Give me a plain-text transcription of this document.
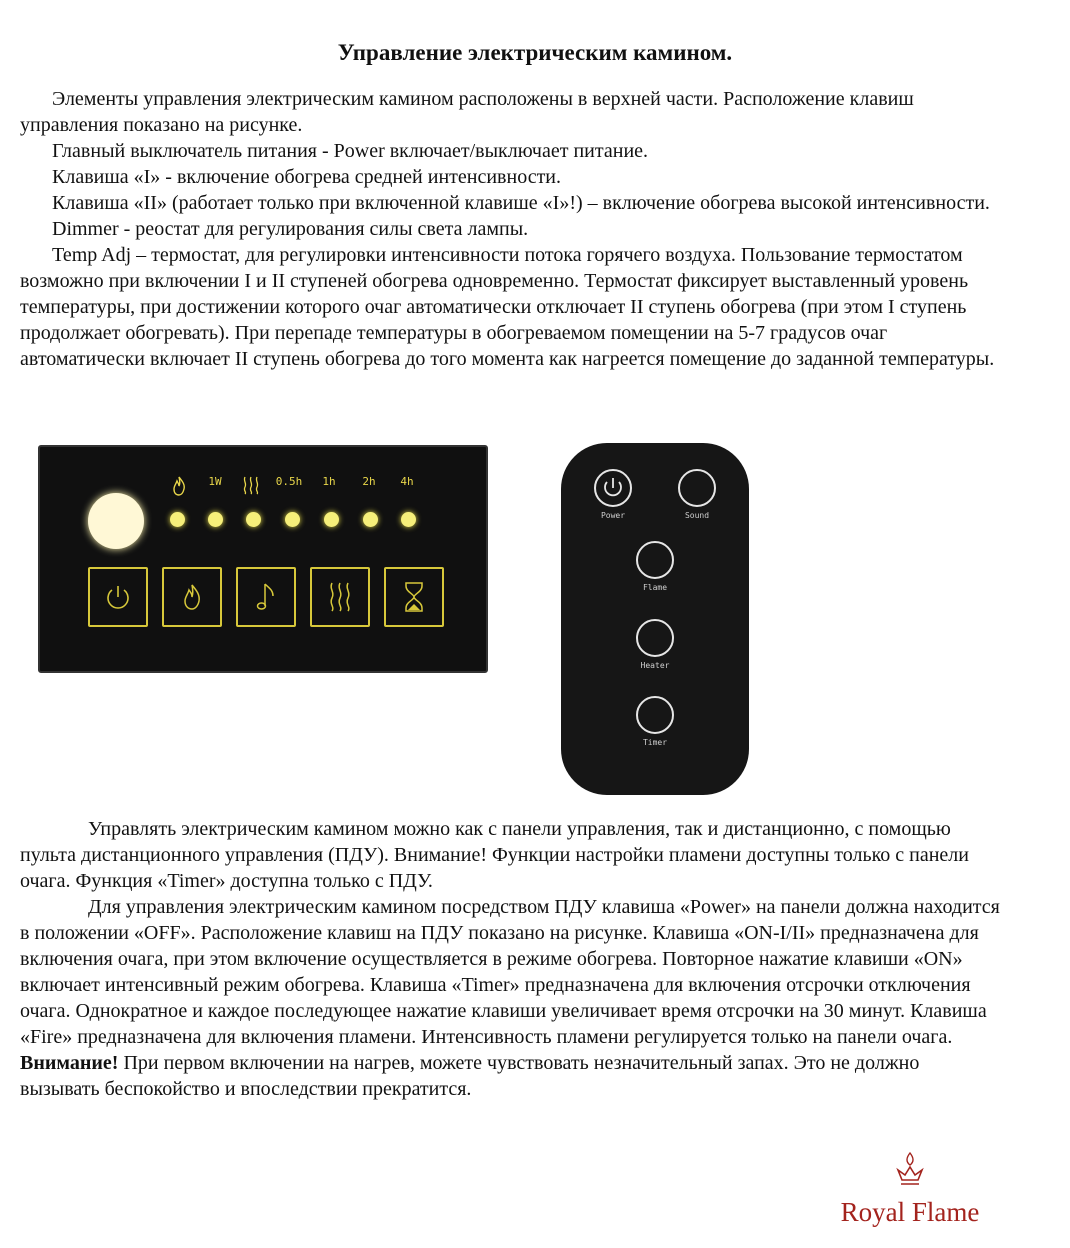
Управление электрическим камином.

Элементы управления электрическим камином расположены в верхней части. Расположение клавиш управления показано на рисунке.

Главный выключатель питания - Power включает/выключает питание.

Клавиша «I» - включение обогрева средней интенсивности.

Клавиша «II» (работает только при включенной клавише «I»!) – включение обогрева высокой интенсивности.

Dimmer - реостат для регулирования силы света лампы.

Temp Adj – термостат, для регулировки интенсивности потока горячего воздуха. Пользование термостатом возможно при включении I и II ступеней обогрева одновременно. Термостат фиксирует выставленный уровень температуры, при достижении которого очаг автоматически отключает II ступень обогрева (при этом I ступень продолжает обогревать). При перепаде температуры в обогреваемом помещении на 5-7 градусов очаг автоматически включает II ступень обогрева до того момента как нагреется помещение до заданной температуры.

1W	0.5h	1h	2h	4h
Power	Sound
Flame
Heater
Timer

Управлять электрическим камином можно как с панели управления, так и дистанционно, с помощью пульта дистанционного управления (ПДУ). Внимание! Функции настройки пламени доступны только с панели очага. Функция «Timer» доступна только с ПДУ.

Для управления электрическим камином посредством ПДУ клавиша «Power» на панели должна находится в положении «OFF». Расположение клавиш на ПДУ показано на рисунке. Клавиша «ON-I/II» предназначена для включения очага, при этом включение осуществляется в режиме обогрева. Повторное нажатие клавиши «ON» включает интенсивный режим обогрева. Клавиша «Timer» предназначена для включения отсрочки отключения очага. Однократное и каждое последующее нажатие клавиши увеличивает время отсрочки на 30 минут. Клавиша «Fire» предназначена для включения пламени. Интенсивность пламени регулируется только на панели очага.

Внимание! При первом включении на нагрев, можете чувствовать незначительный запах. Это не должно вызывать беспокойство и впоследствии прекратится.

Royal Flame
